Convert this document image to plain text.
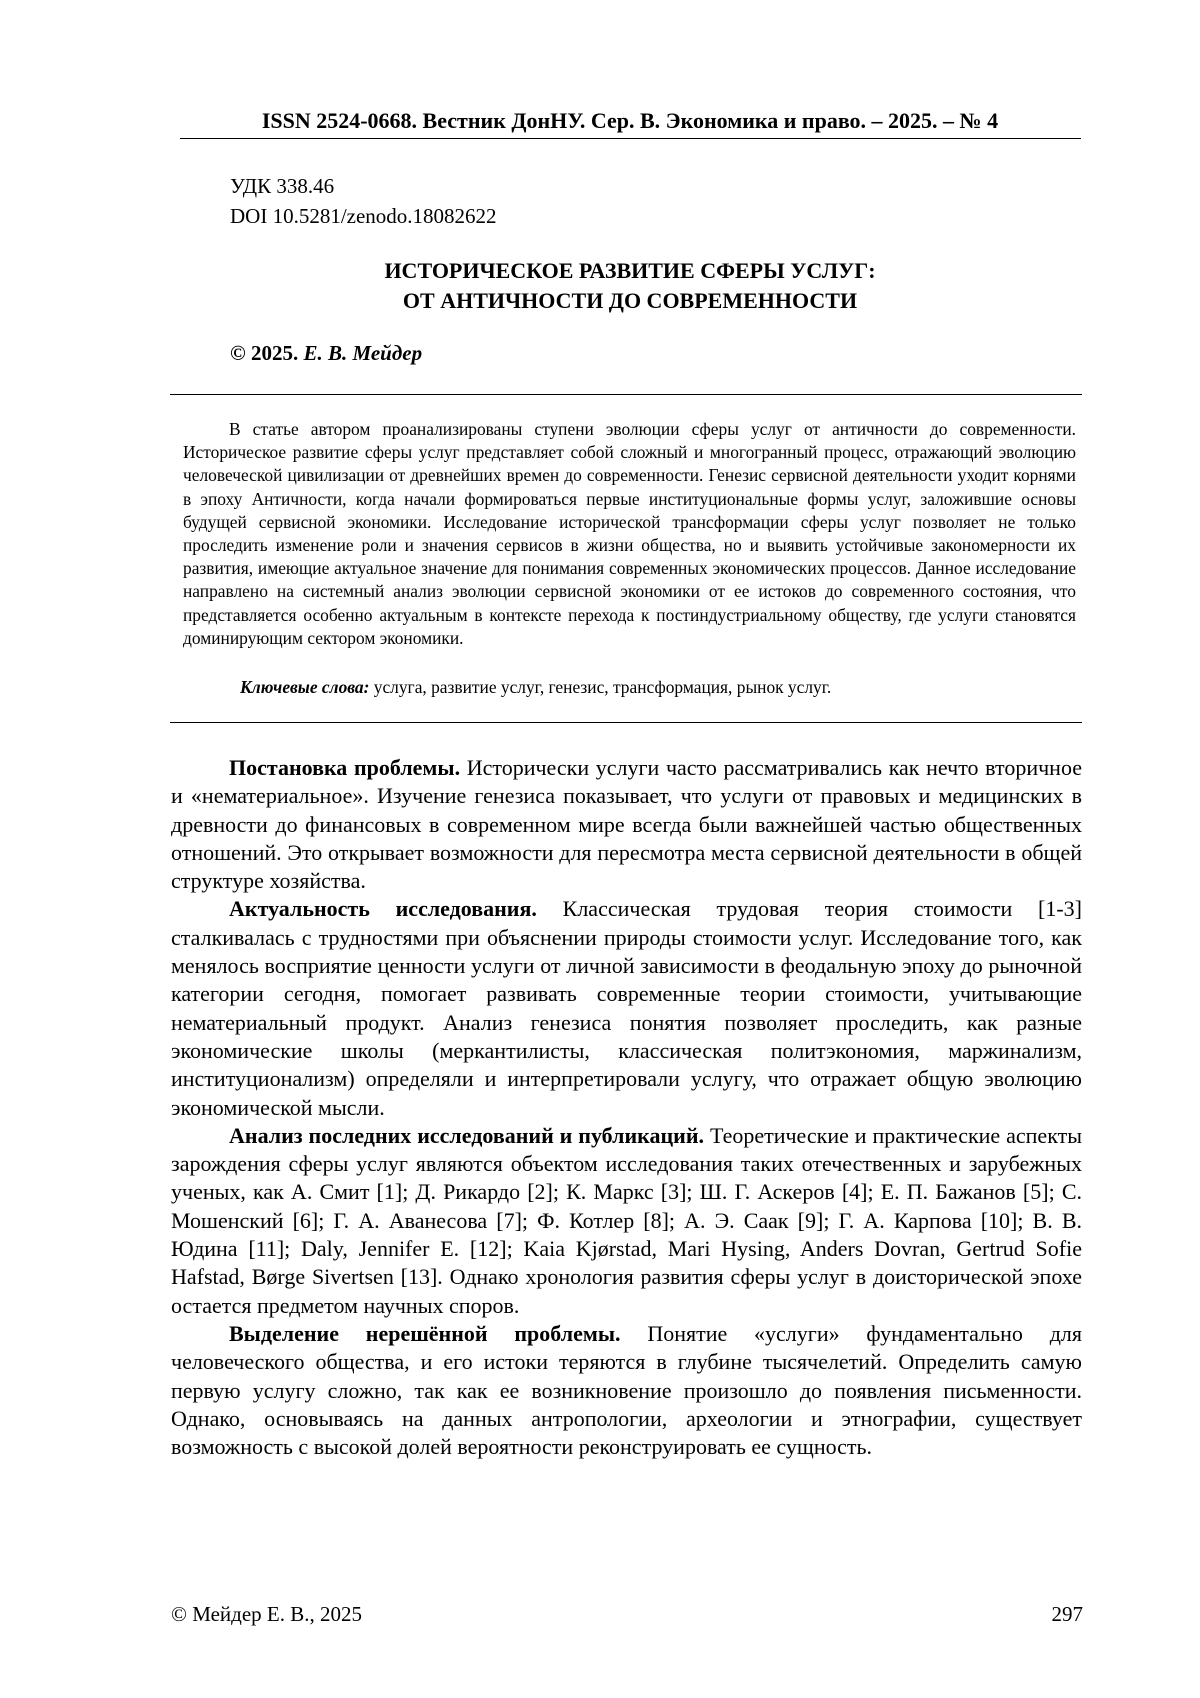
ISSN 2524-0668. Вестник ДонНУ. Сер. В. Экономика и право. – 2025. – № 4
УДК 338.46
DOI 10.5281/zenodo.18082622
ИСТОРИЧЕСКОЕ РАЗВИТИЕ СФЕРЫ УСЛУГ:
ОТ АНТИЧНОСТИ ДО СОВРЕМЕННОСТИ
© 2025. Е. В. Мейдер

В статье автором проанализированы ступени эволюции сферы услуг от античности до современности. Историческое развитие сферы услуг представляет собой сложный и многогранный процесс, отражающий эволюцию человеческой цивилизации от древнейших времен до современности. Генезис сервисной деятельности уходит корнями в эпоху Античности, когда начали формироваться первые институциональные формы услуг, заложившие основы будущей сервисной экономики. Исследование исторической трансформации сферы услуг позволяет не только проследить изменение роли и значения сервисов в жизни общества, но и выявить устойчивые закономерности их развития, имеющие актуальное значение для понимания современных экономических процессов. Данное исследование направлено на системный анализ эволюции сервисной экономики от ее истоков до современного состояния, что представляется особенно актуальным в контексте перехода к постиндустриальному обществу, где услуги становятся доминирующим сектором экономики.

Ключевые слова: услуга, развитие услуг, генезис, трансформация, рынок услуг.

Постановка проблемы. Исторически услуги часто рассматривались как нечто вторичное и «нематериальное». Изучение генезиса показывает, что услуги от правовых и медицинских в древности до финансовых в современном мире всегда были важнейшей частью общественных отношений. Это открывает возможности для пересмотра места сервисной деятельности в общей структуре хозяйства.

Актуальность исследования. Классическая трудовая теория стоимости [1-3] сталкивалась с трудностями при объяснении природы стоимости услуг. Исследование того, как менялось восприятие ценности услуги от личной зависимости в феодальную эпоху до рыночной категории сегодня, помогает развивать современные теории стоимости, учитывающие нематериальный продукт. Анализ генезиса понятия позволяет проследить, как разные экономические школы (меркантилисты, классическая политэкономия, маржинализм, институционализм) определяли и интерпретировали услугу, что отражает общую эволюцию экономической мысли.

Анализ последних исследований и публикаций. Теоретические и практические аспекты зарождения сферы услуг являются объектом исследования таких отечественных и зарубежных ученых, как А. Смит [1]; Д. Рикардо [2]; К. Маркс [3]; Ш. Г. Аскеров [4]; Е. П. Бажанов [5]; С. Мошенский [6]; Г. А. Аванесова [7]; Ф. Котлер [8]; А. Э. Саак [9]; Г. А. Карпова [10]; В. В. Юдина [11]; Daly, Jennifer E. [12]; Kaia Kjørstad, Mari Hysing, Anders Dovran, Gertrud Sofie Hafstad, Børge Sivertsen [13]. Однако хронология развития сферы услуг в доисторической эпохе остается предметом научных споров.

Выделение нерешённой проблемы. Понятие «услуги» фундаментально для человеческого общества, и его истоки теряются в глубине тысячелетий. Определить самую первую услугу сложно, так как ее возникновение произошло до появления письменности. Однако, основываясь на данных антропологии, археологии и этнографии, существует возможность с высокой долей вероятности реконструировать ее сущность.

© Мейдер Е. В., 2025	297
